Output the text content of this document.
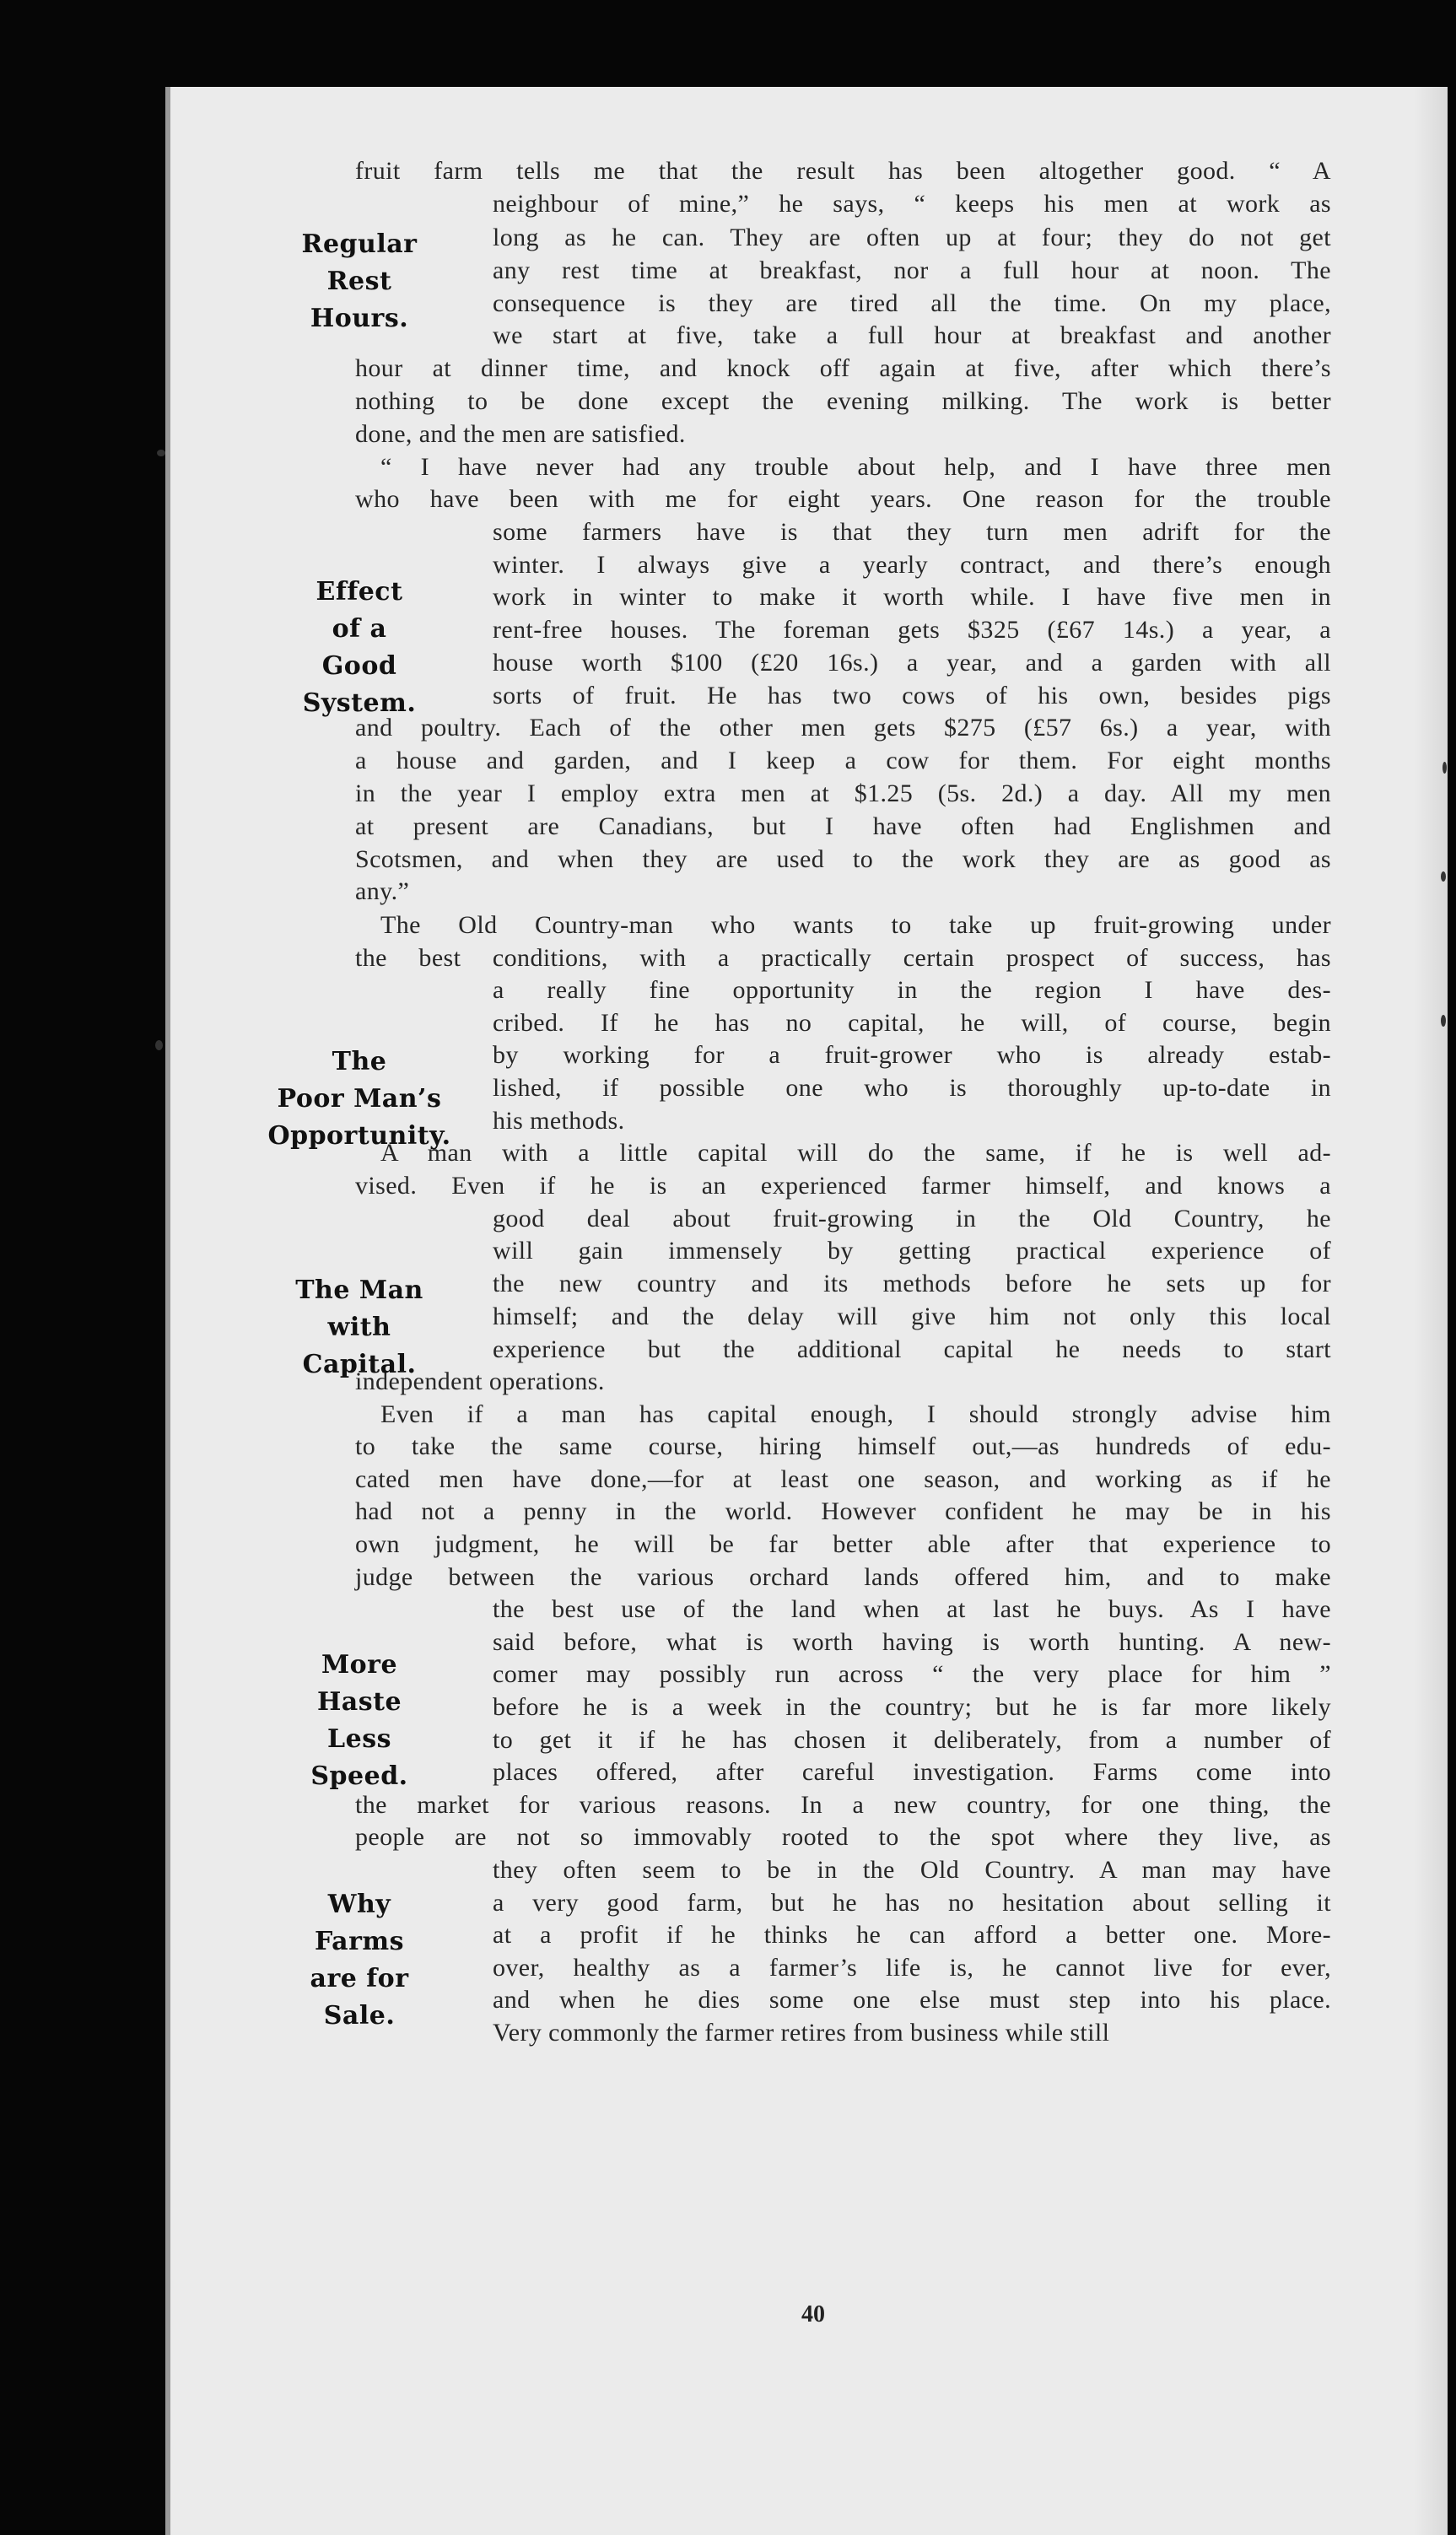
fruit farm tells me that the result has been altogether good. “ A

neighbour of mine,” he says, “ keeps his men at work as

long as he can. They are often up at four; they do not get

any rest time at breakfast, nor a full hour at noon. The

consequence is they are tired all the time. On my place,

we start at five, take a full hour at breakfast and another

hour at dinner time, and knock off again at five, after which there’s

nothing to be done except the evening milking. The work is better

done, and the men are satisfied.

“ I have never had any trouble about help, and I have three men

who have been with me for eight years. One reason for the trouble

some farmers have is that they turn men adrift for the

winter. I always give a yearly contract, and there’s enough

work in winter to make it worth while. I have five men in

rent-free houses. The foreman gets $325 (£67 14s.) a year, a

house worth $100 (£20 16s.) a year, and a garden with all

sorts of fruit. He has two cows of his own, besides pigs

and poultry. Each of the other men gets $275 (£57 6s.) a year, with

a house and garden, and I keep a cow for them. For eight months

in the year I employ extra men at $1.25 (5s. 2d.) a day. All my men

at present are Canadians, but I have often had Englishmen and

Scotsmen, and when they are used to the work they are as good as

any.”

The Old Country-man who wants to take up fruit-growing under

the best conditions, with a practically certain prospect of success, has

a really fine opportunity in the region I have des-

cribed. If he has no capital, he will, of course, begin

by working for a fruit-grower who is already estab-

lished, if possible one who is thoroughly up-to-date in

his methods.

A man with a little capital will do the same, if he is well ad-

vised. Even if he is an experienced farmer himself, and knows a

good deal about fruit-growing in the Old Country, he

will gain immensely by getting practical experience of

the new country and its methods before he sets up for

himself; and the delay will give him not only this local

experience but the additional capital he needs to start

independent operations.

Even if a man has capital enough, I should strongly advise him

to take the same course, hiring himself out,—as hundreds of edu-

cated men have done,—for at least one season, and working as if he

had not a penny in the world. However confident he may be in his

own judgment, he will be far better able after that experience to

judge between the various orchard lands offered him, and to make

the best use of the land when at last he buys. As I have

said before, what is worth having is worth hunting. A new-

comer may possibly run across “ the very place for him ”

before he is a week in the country; but he is far more likely

to get it if he has chosen it deliberately, from a number of

places offered, after careful investigation. Farms come into

the market for various reasons. In a new country, for one thing, the

people are not so immovably rooted to the spot where they live, as

they often seem to be in the Old Country. A man may have

a very good farm, but he has no hesitation about selling it

at a profit if he thinks he can afford a better one. More-

over, healthy as a farmer’s life is, he cannot live for ever,

and when he dies some one else must step into his place.

Very commonly the farmer retires from business while still

Regular
Rest
Hours.
Effect
of a
Good
System.
The
Poor Man’s
Opportunity.
The Man
with
Capital.
More
Haste
Less
Speed.
Why
Farms
are for
Sale.
40
